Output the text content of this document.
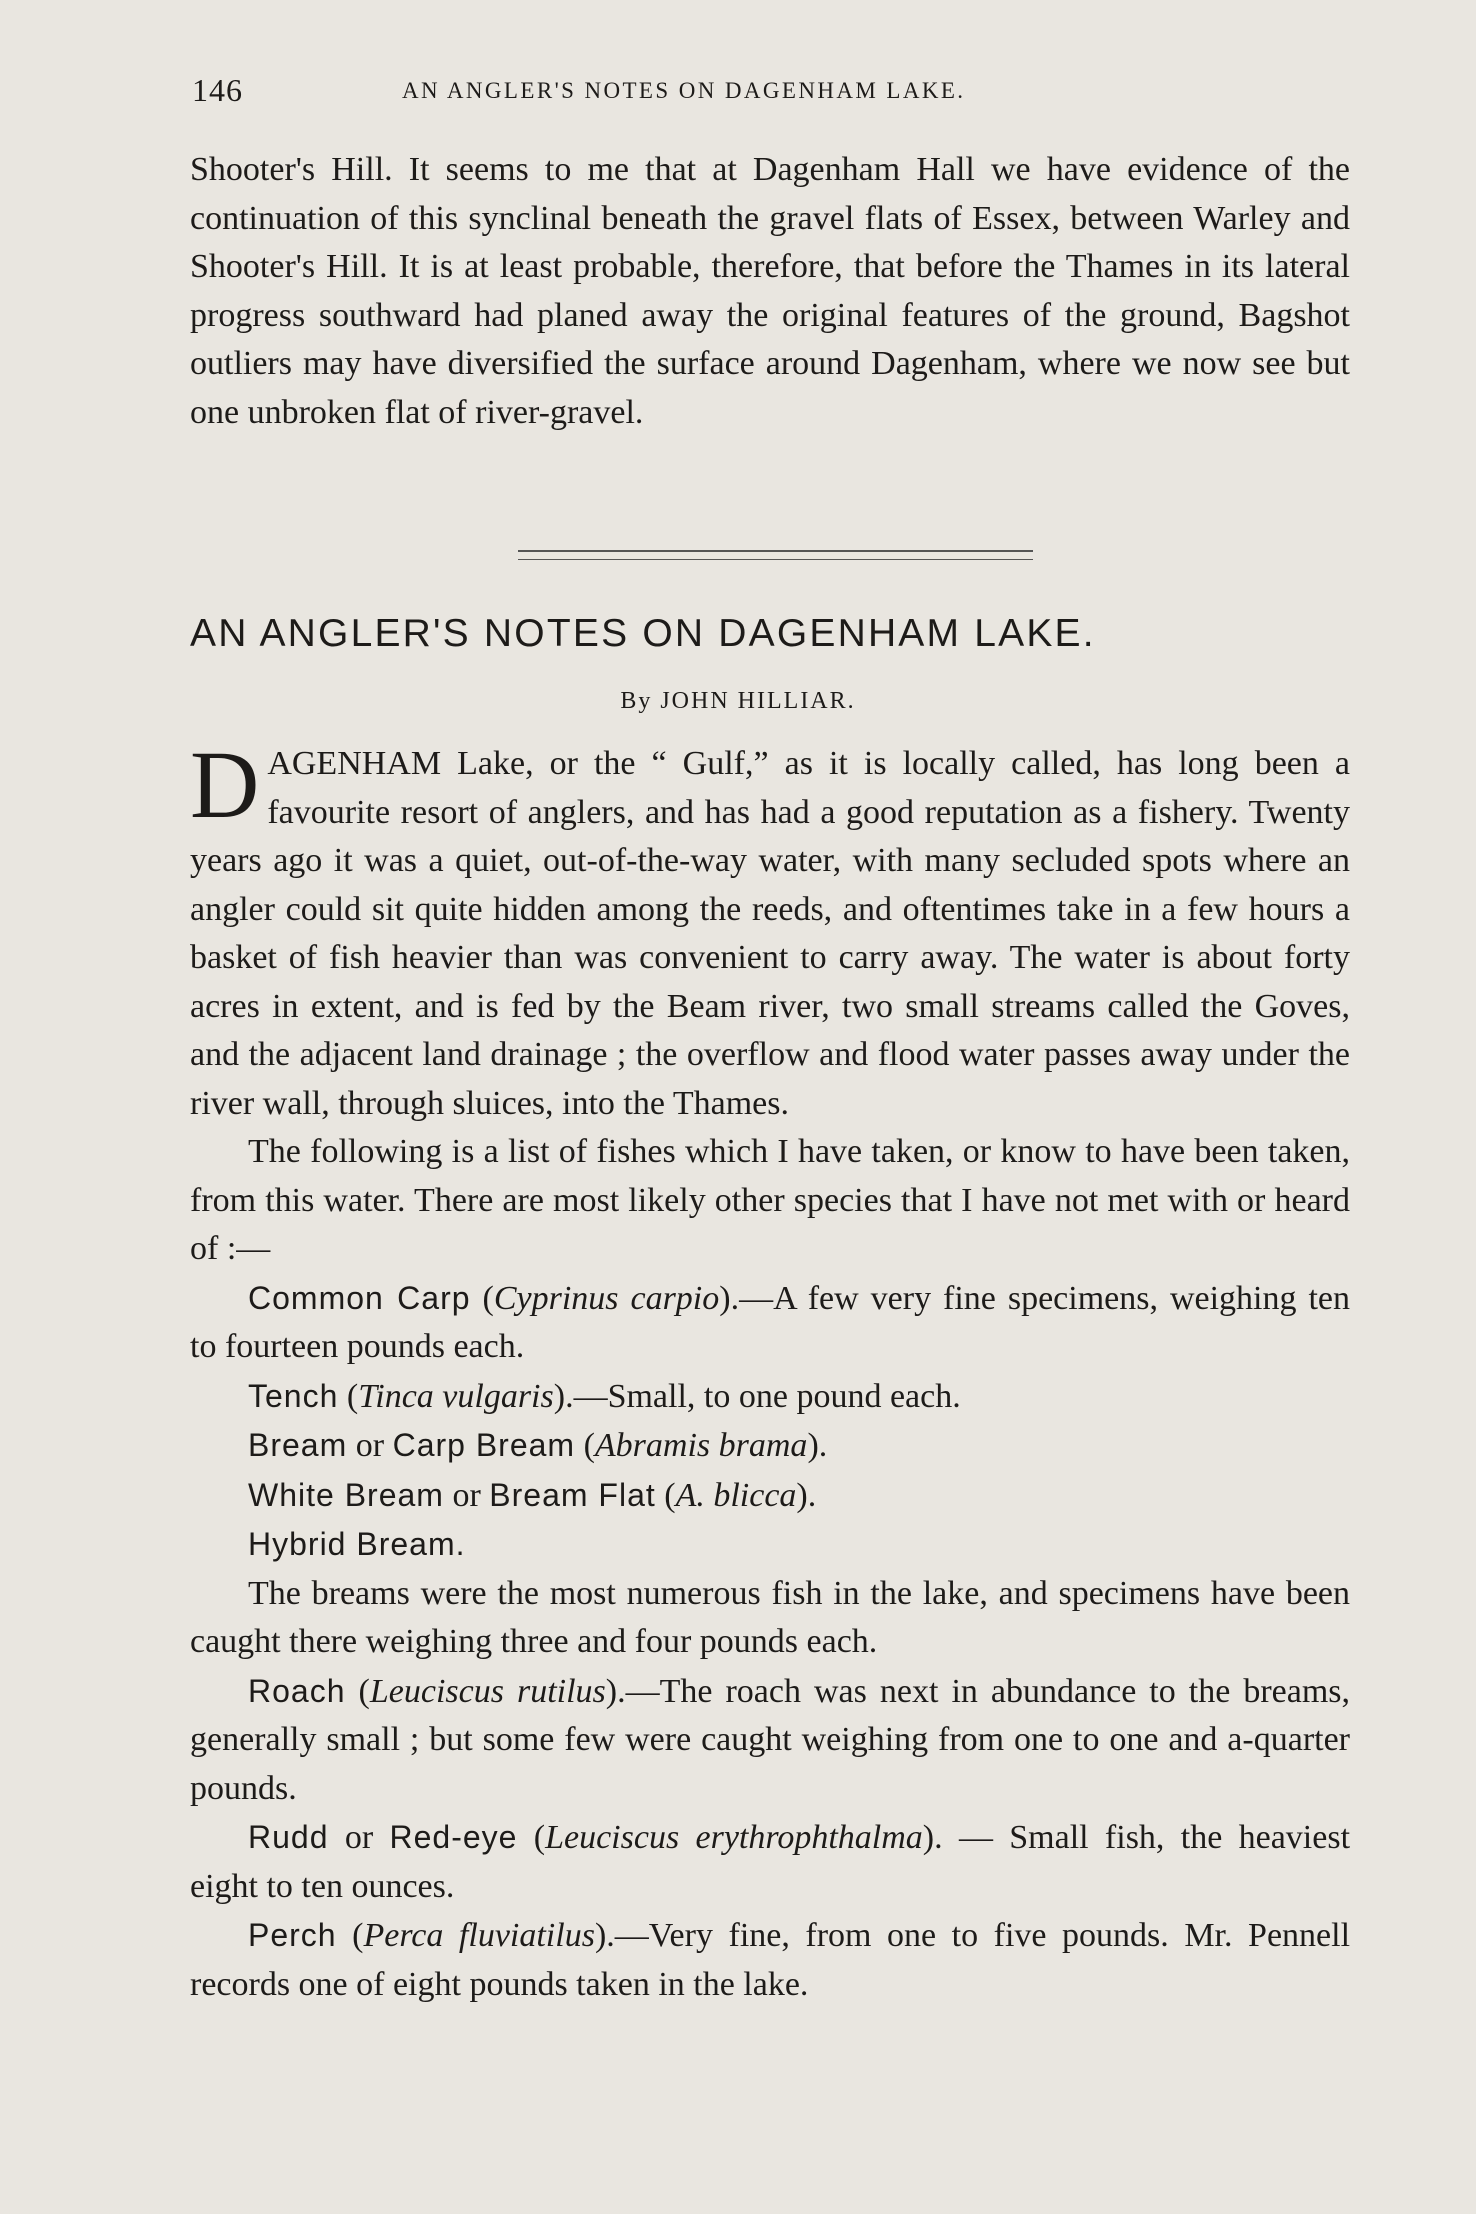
146	AN ANGLER'S NOTES ON DAGENHAM LAKE.

Shooter's Hill. It seems to me that at Dagenham Hall we have evidence of the continuation of this synclinal beneath the gravel flats of Essex, between Warley and Shooter's Hill. It is at least probable, therefore, that before the Thames in its lateral progress southward had planed away the original features of the ground, Bagshot outliers may have diversified the surface around Dagenham, where we now see but one unbroken flat of river-gravel.

AN ANGLER'S NOTES ON DAGENHAM LAKE.
By JOHN HILLIAR.

DAGENHAM Lake, or the “ Gulf,” as it is locally called, has long been a favourite resort of anglers, and has had a good reputation as a fishery. Twenty years ago it was a quiet, out-of-the-way water, with many secluded spots where an angler could sit quite hidden among the reeds, and oftentimes take in a few hours a basket of fish heavier than was convenient to carry away. The water is about forty acres in extent, and is fed by the Beam river, two small streams called the Goves, and the adjacent land drainage ; the overflow and flood water passes away under the river wall, through sluices, into the Thames.

The following is a list of fishes which I have taken, or know to have been taken, from this water. There are most likely other species that I have not met with or heard of :—

Common Carp (Cyprinus carpio).—A few very fine specimens, weighing ten to fourteen pounds each.

Tench (Tinca vulgaris).—Small, to one pound each.

Bream or Carp Bream (Abramis brama).

White Bream or Bream Flat (A. blicca).

Hybrid Bream.

The breams were the most numerous fish in the lake, and specimens have been caught there weighing three and four pounds each.

Roach (Leuciscus rutilus).—The roach was next in abundance to the breams, generally small ; but some few were caught weighing from one to one and a-quarter pounds.

Rudd or Red-eye (Leuciscus erythrophthalma). — Small fish, the heaviest eight to ten ounces.

Perch (Perca fluviatilus).—Very fine, from one to five pounds. Mr. Pennell records one of eight pounds taken in the lake.
